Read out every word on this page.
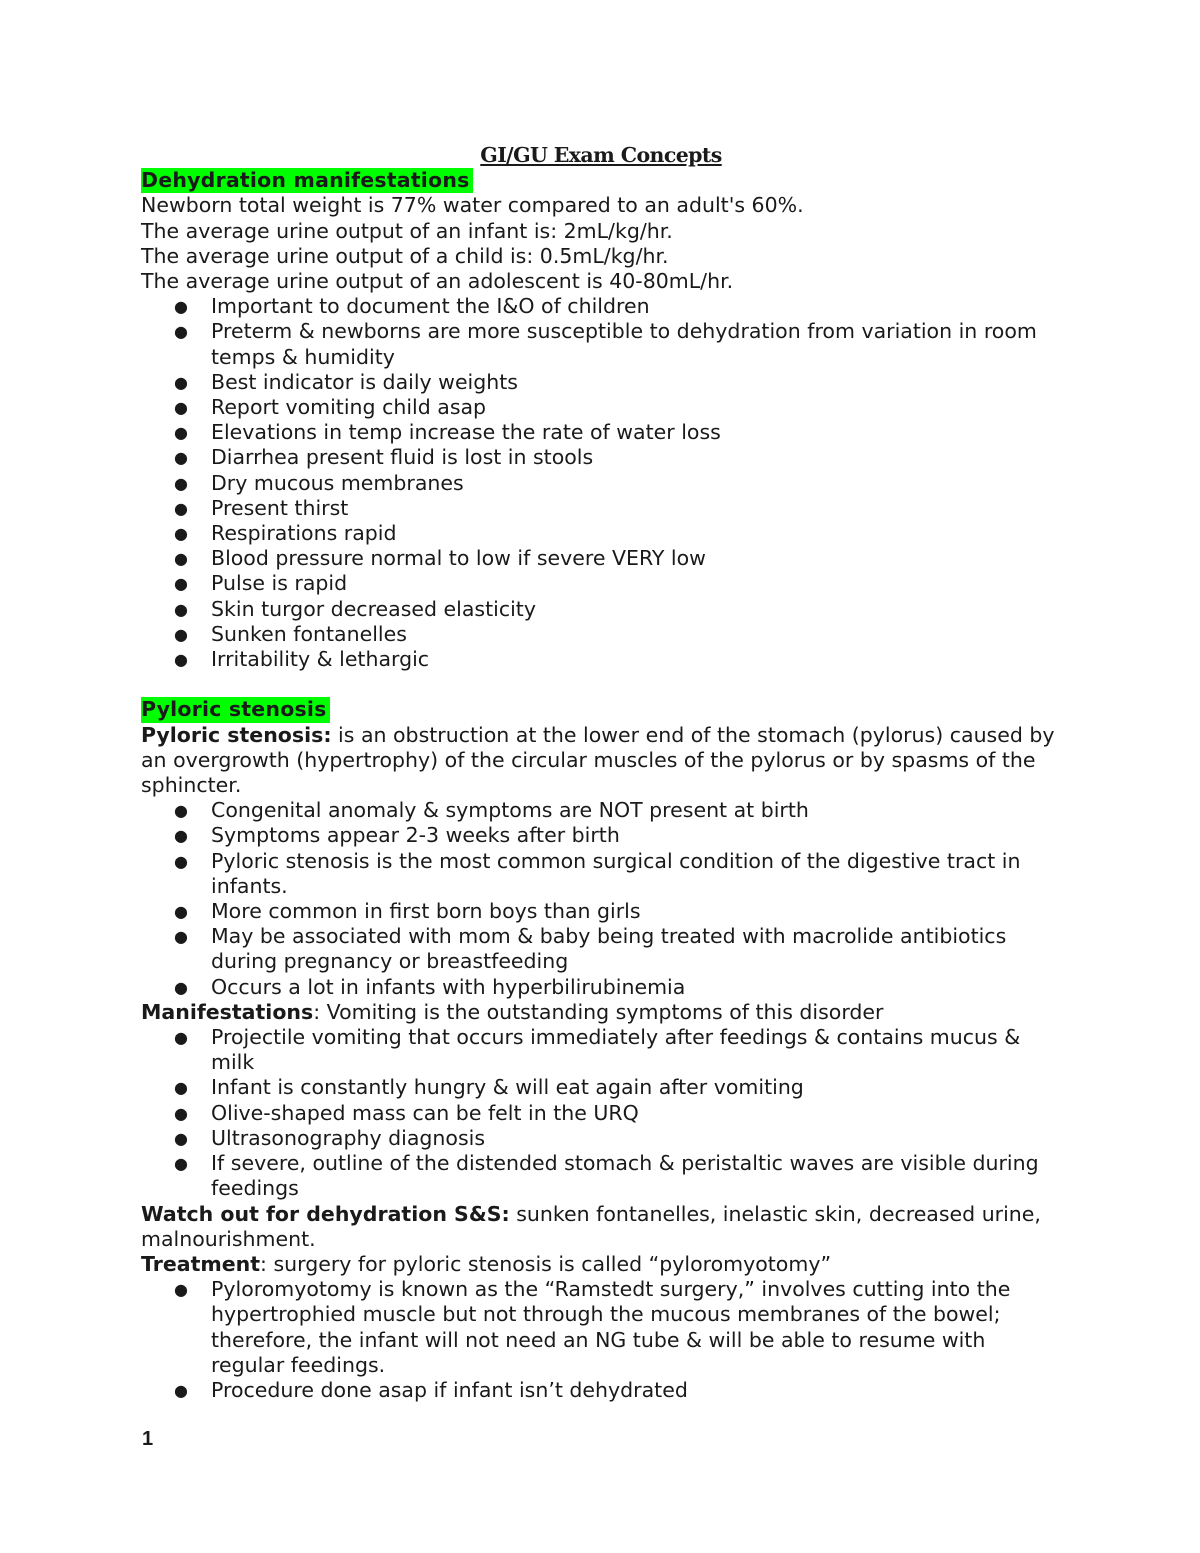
GI/GU Exam Concepts
Dehydration manifestations

Newborn total weight is 77% water compared to an adult's 60%.

The average urine output of an infant is: 2mL/kg/hr.

The average urine output of a child is: 0.5mL/kg/hr.

The average urine output of an adolescent is 40-80mL/hr.

● Important to document the I&O of children
● Preterm & newborns are more susceptible to dehydration from variation in room temps & humidity
● Best indicator is daily weights
● Report vomiting child asap
● Elevations in temp increase the rate of water loss
● Diarrhea present fluid is lost in stools
● Dry mucous membranes
● Present thirst
● Respirations rapid
● Blood pressure normal to low if severe VERY low
● Pulse is rapid
● Skin turgor decreased elasticity
● Sunken fontanelles
● Irritability & lethargic
Pyloric stenosis

Pyloric stenosis: is an obstruction at the lower end of the stomach (pylorus) caused by an overgrowth (hypertrophy) of the circular muscles of the pylorus or by spasms of the sphincter.

● Congenital anomaly & symptoms are NOT present at birth
● Symptoms appear 2-3 weeks after birth
● Pyloric stenosis is the most common surgical condition of the digestive tract in infants.
● More common in first born boys than girls
● May be associated with mom & baby being treated with macrolide antibiotics during pregnancy or breastfeeding
● Occurs a lot in infants with hyperbilirubinemia

Manifestations: Vomiting is the outstanding symptoms of this disorder

● Projectile vomiting that occurs immediately after feedings & contains mucus & milk
● Infant is constantly hungry & will eat again after vomiting
● Olive-shaped mass can be felt in the URQ
● Ultrasonography diagnosis
● If severe, outline of the distended stomach & peristaltic waves are visible during feedings

Watch out for dehydration S&S: sunken fontanelles, inelastic skin, decreased urine, malnourishment.

Treatment: surgery for pyloric stenosis is called “pyloromyotomy”

● Pyloromyotomy is known as the “Ramstedt surgery,” involves cutting into the hypertrophied muscle but not through the mucous membranes of the bowel; therefore, the infant will not need an NG tube & will be able to resume with regular feedings.
● Procedure done asap if infant isn’t dehydrated
1
